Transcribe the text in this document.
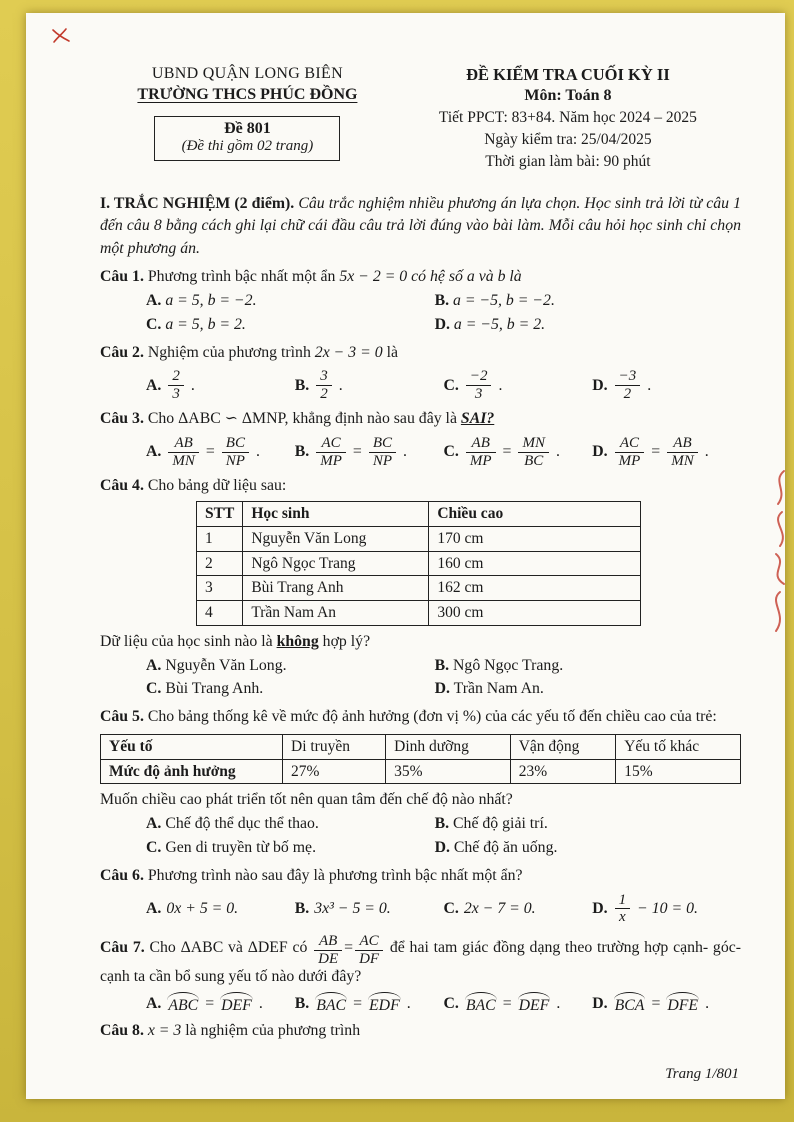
UBND QUẬN LONG BIÊN
TRƯỜNG THCS PHÚC ĐỒNG
Đề 801
(Đề thi gồm 02 trang)
ĐỀ KIỂM TRA CUỐI KỲ II
Môn: Toán 8
Tiết PPCT: 83+84. Năm học 2024 – 2025
Ngày kiểm tra: 25/04/2025
Thời gian làm bài: 90 phút

I. TRẮC NGHIỆM (2 điểm). Câu trắc nghiệm nhiều phương án lựa chọn. Học sinh trả lời từ câu 1 đến câu 8 bằng cách ghi lại chữ cái đầu câu trả lời đúng vào bài làm. Mỗi câu hỏi học sinh chỉ chọn một phương án.

Câu 1. Phương trình bậc nhất một ẩn 5x − 2 = 0 có hệ số a và b là

A. a = 5, b = −2.	B. a = −5, b = −2.
C. a = 5, b = 2.	D. a = −5, b = 2.

Câu 2. Nghiệm của phương trình 2x − 3 = 0 là

A. $\frac{2}{3}$ .	B. $\frac{3}{2}$ .	C. $\frac{-2}{3}$ .	D. $\frac{-3}{2}$ .

Câu 3. Cho ΔABC ∽ ΔMNP, khẳng định nào sau đây là SAI?

A. $\frac{AB}{MN} = \frac{BC}{NP}$ . B. $\frac{AC}{MP} = \frac{BC}{NP}$ . C. $\frac{AB}{MP} = \frac{MN}{BC}$ . D. $\frac{AC}{MP} = \frac{AB}{MN}$ .

Câu 4. Cho bảng dữ liệu sau:

STT	Học sinh	Chiều cao
1	Nguyễn Văn Long	170 cm
2	Ngô Ngọc Trang	160 cm
3	Bùi Trang Anh	162 cm
4	Trần Nam An	300 cm

Dữ liệu của học sinh nào là không hợp lý?

A. Nguyễn Văn Long.	B. Ngô Ngọc Trang.
C. Bùi Trang Anh.	D. Trần Nam An.

Câu 5. Cho bảng thống kê về mức độ ảnh hưởng (đơn vị %) của các yếu tố đến chiều cao của trẻ:

Yếu tố	Di truyền	Dinh dưỡng	Vận động	Yếu tố khác
Mức độ ảnh hưởng	27%	35%	23%	15%

Muốn chiều cao phát triển tốt nên quan tâm đến chế độ nào nhất?

A. Chế độ thể dục thể thao.	B. Chế độ giải trí.
C. Gen di truyền từ bố mẹ.	D. Chế độ ăn uống.

Câu 6. Phương trình nào sau đây là phương trình bậc nhất một ẩn?

A. 0x + 5 = 0.	B. 3x³ − 5 = 0.	C. 2x − 7 = 0.	D. $\frac{1}{x} - 10 = 0$.

Câu 7. Cho ΔABC và ΔDEF có $\frac{AB}{DE} = \frac{AC}{DF}$ để hai tam giác đồng dạng theo trường hợp cạnh- góc- cạnh ta cần bổ sung yếu tố nào dưới đây?

A. ABC = DEF . B. BAC = EDF . C. BAC = DEF . D. BCA = DFE .

Câu 8. x = 3 là nghiệm của phương trình

Trang 1/801
